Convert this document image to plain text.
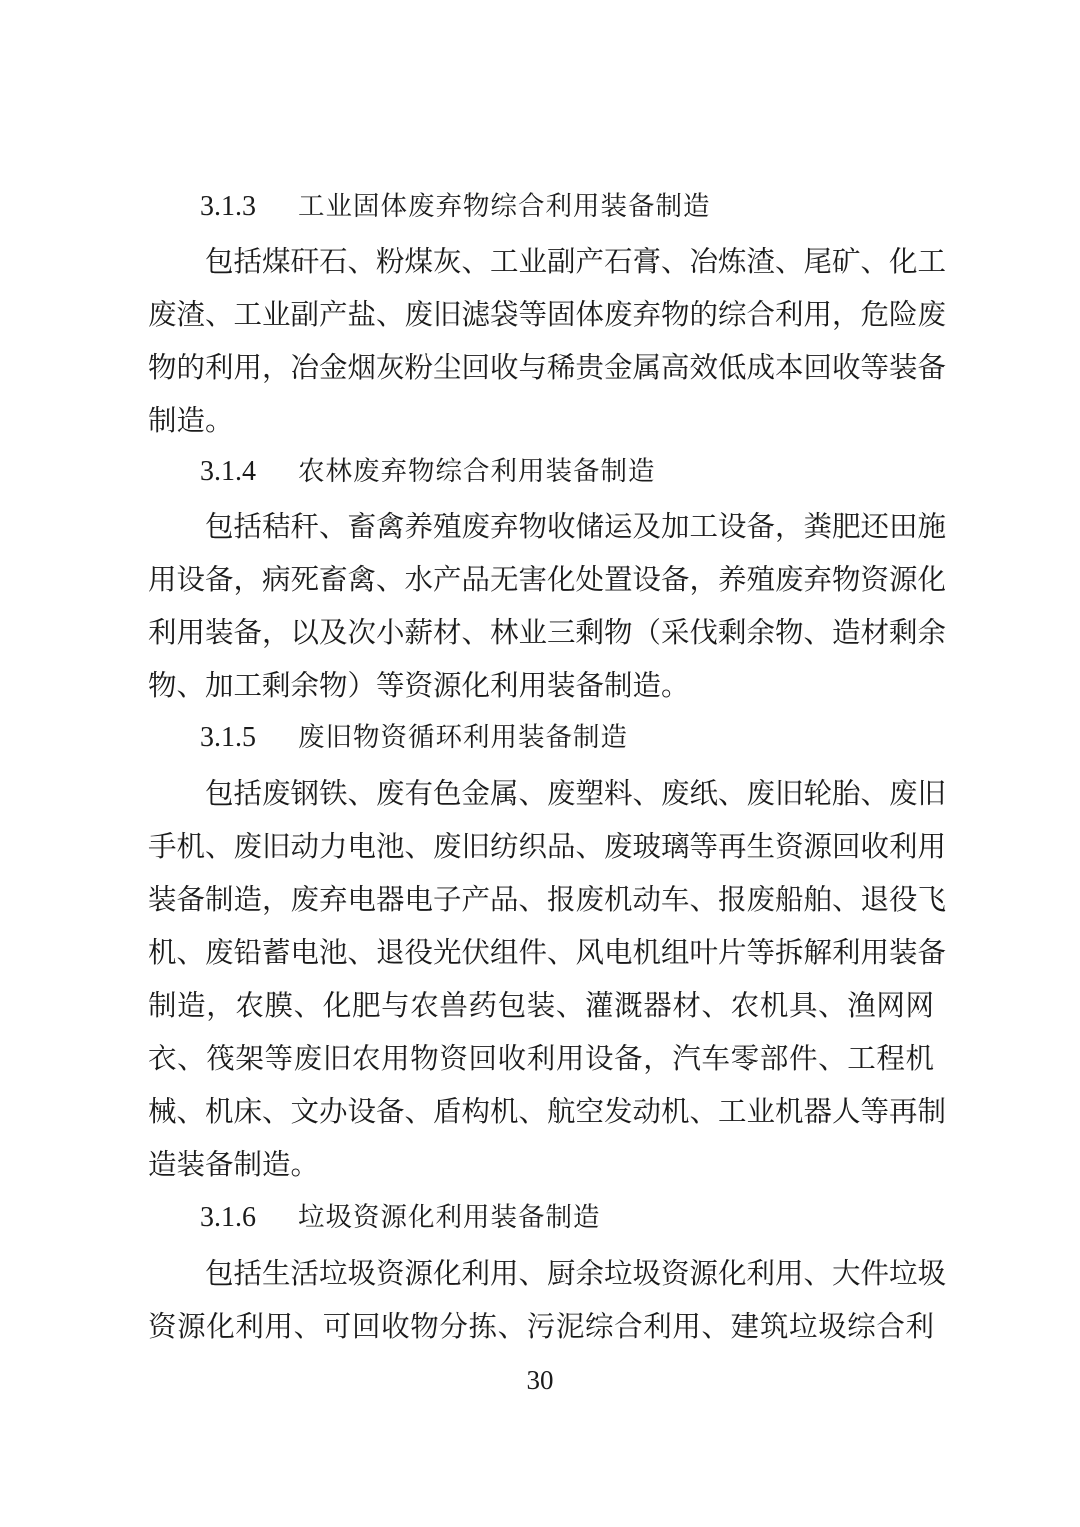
3.1.3 工业固体废弃物综合利用装备制造
包括煤矸石、粉煤灰、工业副产石膏、冶炼渣、尾矿、化工
废渣、工业副产盐、废旧滤袋等固体废弃物的综合利用，危险废
物的利用，冶金烟灰粉尘回收与稀贵金属高效低成本回收等装备
制造。
3.1.4 农林废弃物综合利用装备制造
包括秸秆、畜禽养殖废弃物收储运及加工设备，粪肥还田施
用设备，病死畜禽、水产品无害化处置设备，养殖废弃物资源化
利用装备，以及次小薪材、林业三剩物（采伐剩余物、造材剩余
物、加工剩余物）等资源化利用装备制造。
3.1.5 废旧物资循环利用装备制造
包括废钢铁、废有色金属、废塑料、废纸、废旧轮胎、废旧
手机、废旧动力电池、废旧纺织品、废玻璃等再生资源回收利用
装备制造，废弃电器电子产品、报废机动车、报废船舶、退役飞
机、废铅蓄电池、退役光伏组件、风电机组叶片等拆解利用装备
制造，农膜、化肥与农兽药包装、灌溉器材、农机具、渔网网
衣、筏架等废旧农用物资回收利用设备，汽车零部件、工程机
械、机床、文办设备、盾构机、航空发动机、工业机器人等再制
造装备制造。
3.1.6 垃圾资源化利用装备制造
包括生活垃圾资源化利用、厨余垃圾资源化利用、大件垃圾
资源化利用、可回收物分拣、污泥综合利用、建筑垃圾综合利
30
